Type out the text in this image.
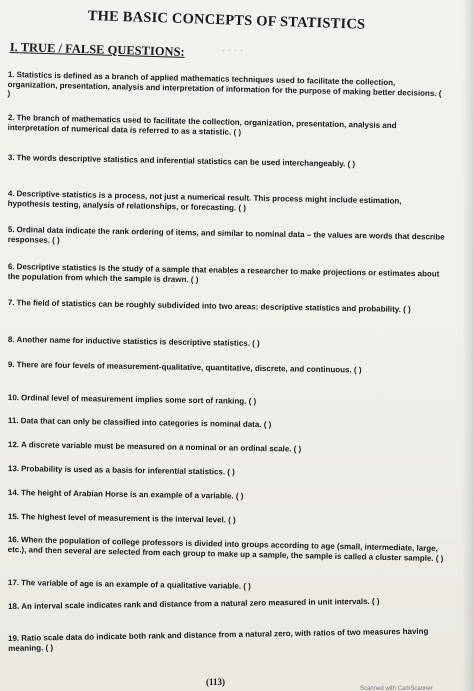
THE BASIC CONCEPTS OF STATISTICS
I. TRUE / FALSE QUESTIONS:	· · · ·
1. Statistics is defined as a branch of applied mathematics techniques used to facilitate the collection, organization, presentation, analysis and interpretation of information for the purpose of making better decisions. ( )
2. The branch of mathematics used to facilitate the collection, organization, presentation, analysis and interpretation of numerical data is referred to as a statistic. ( )
3. The words descriptive statistics and inferential statistics can be used interchangeably. ( )
4. Descriptive statistics is a process, not just a numerical result. This process might include estimation, hypothesis testing, analysis of relationships, or forecasting. ( )
5. Ordinal data indicate the rank ordering of items, and similar to nominal data – the values are words that describe responses. ( )
6. Descriptive statistics is the study of a sample that enables a researcher to make projections or estimates about the population from which the sample is drawn. ( )
7. The field of statistics can be roughly subdivided into two areas: descriptive statistics and probability. ( )
8. Another name for inductive statistics is descriptive statistics. ( )
9. There are four levels of measurement-qualitative, quantitative, discrete, and continuous. ( )
10. Ordinal level of measurement implies some sort of ranking. ( )
11. Data that can only be classified into categories is nominal data. ( )
12. A discrete variable must be measured on a nominal or an ordinal scale. ( )
13. Probability is used as a basis for inferential statistics. ( )
14. The height of Arabian Horse is an example of a variable. ( )
15. The highest level of measurement is the interval level. ( )
16. When the population of college professors is divided into groups according to age (small, intermediate, large, etc.), and then several are selected from each group to make up a sample, the sample is called a cluster sample. ( )
17. The variable of age is an example of a qualitative variable. ( )
18. An interval scale indicates rank and distance from a natural zero measured in unit intervals. ( )
19. Ratio scale data do indicate both rank and distance from a natural zero, with ratios of two measures having meaning. ( )
(113)
Scanned with CamScanner
